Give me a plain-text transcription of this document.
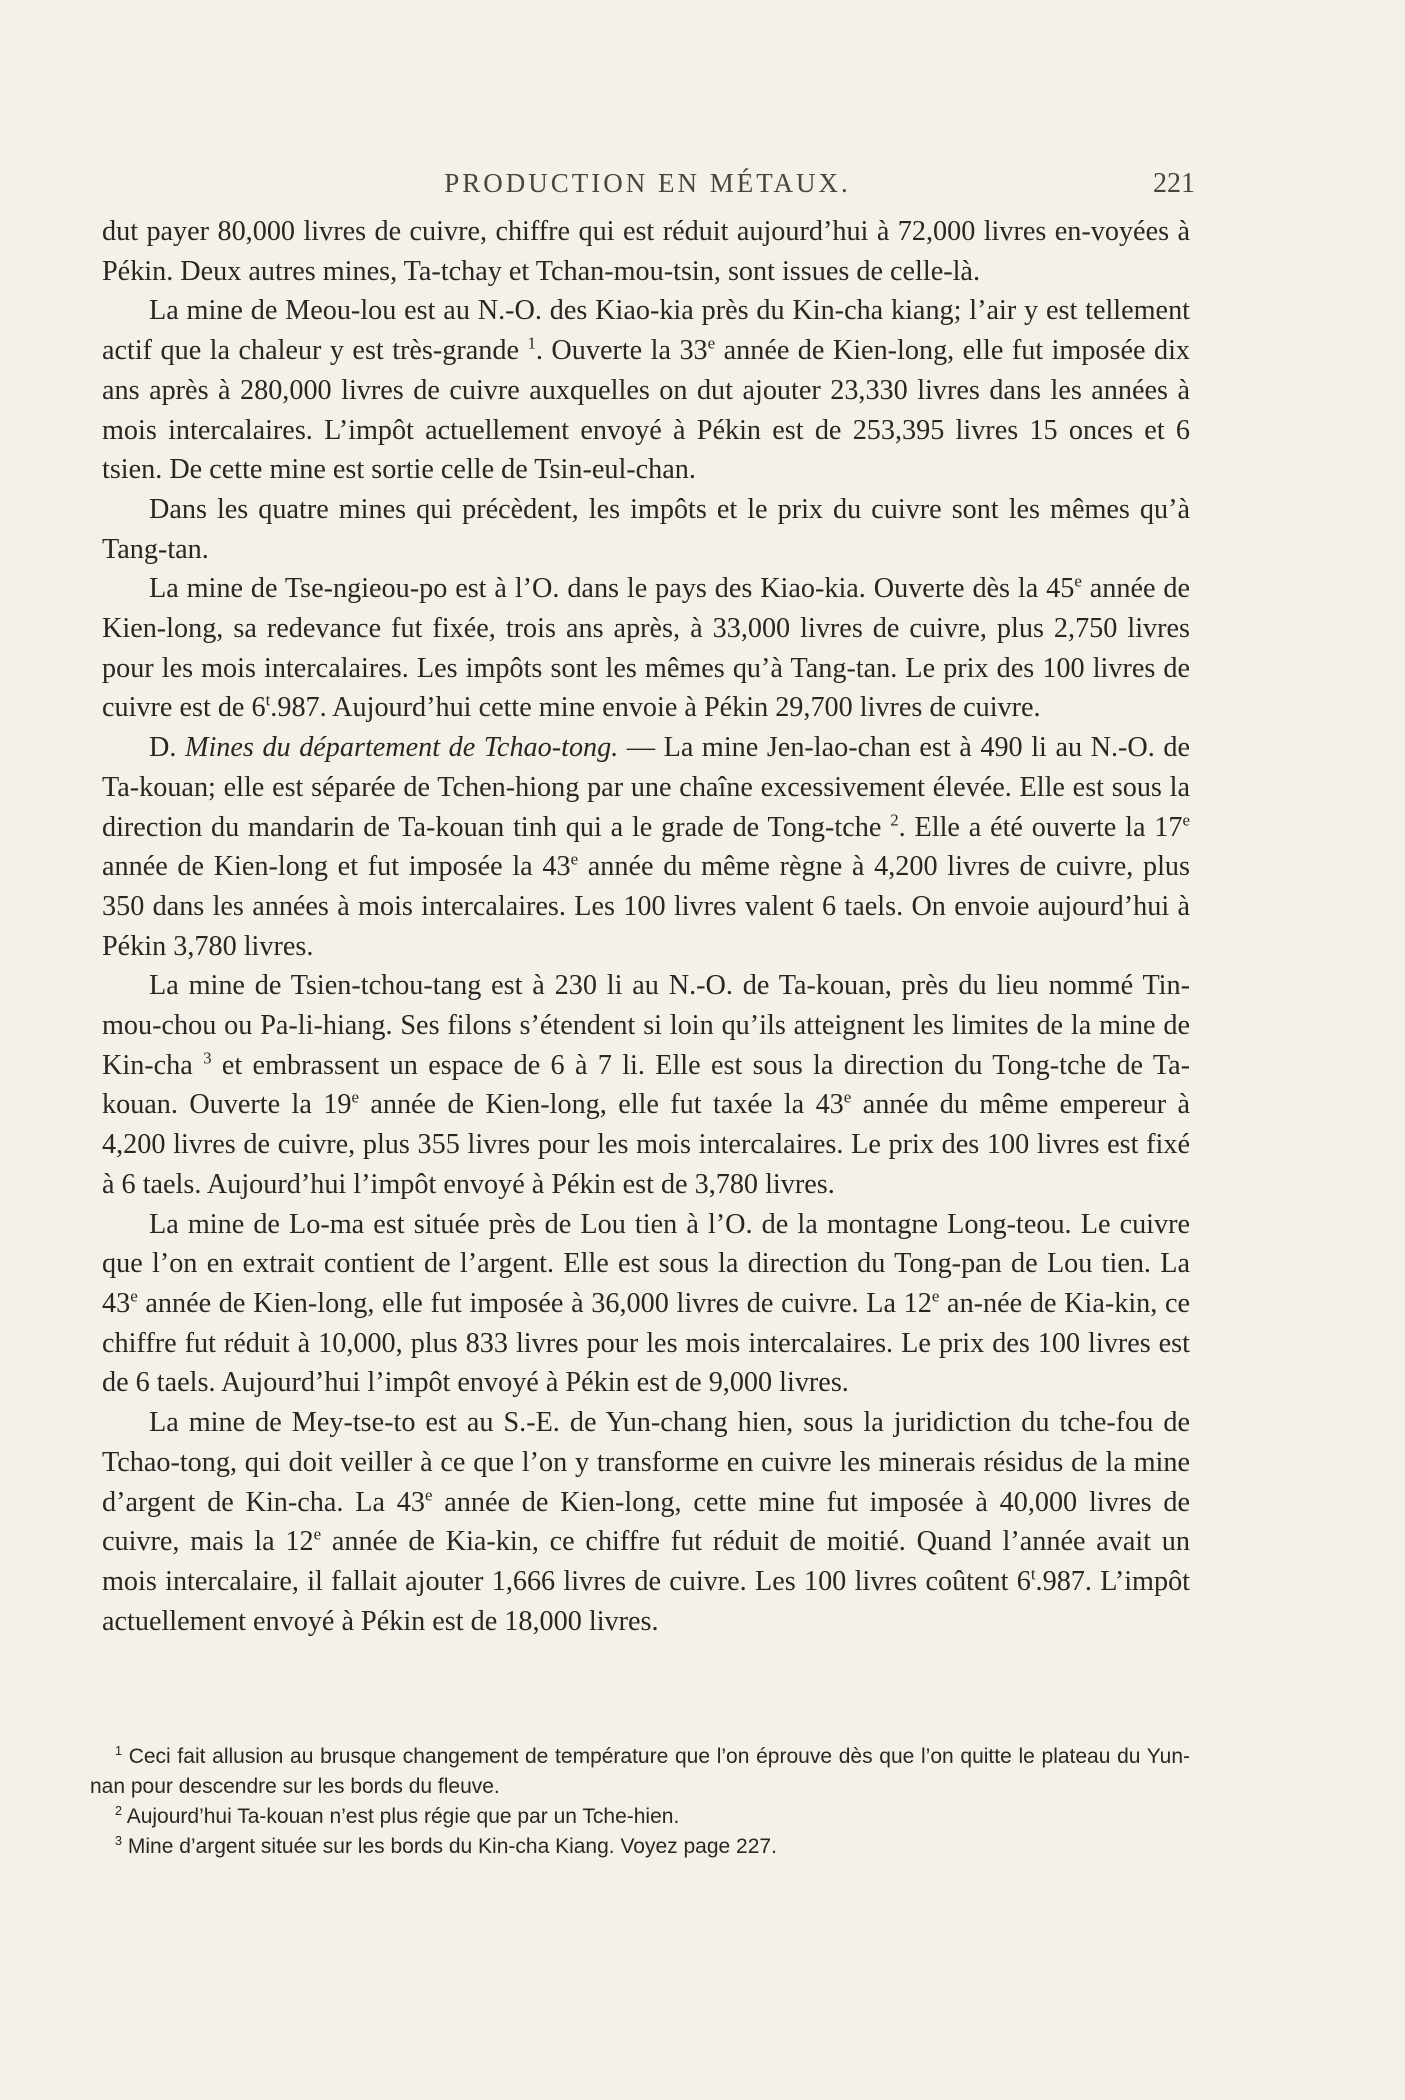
PRODUCTION EN MÉTAUX.	221

dut payer 80,000 livres de cuivre, chiffre qui est réduit aujourd’hui à 72,000 livres en-voyées à Pékin. Deux autres mines, Ta-tchay et Tchan-mou-tsin, sont issues de celle-là.

La mine de Meou-lou est au N.-O. des Kiao-kia près du Kin-cha kiang; l’air y est tellement actif que la chaleur y est très-grande $^1$. Ouverte la 33e année de Kien-long, elle fut imposée dix ans après à 280,000 livres de cuivre auxquelles on dut ajouter 23,330 livres dans les années à mois intercalaires. L’impôt actuellement envoyé à Pékin est de 253,395 livres 15 onces et 6 tsien. De cette mine est sortie celle de Tsin-eul-chan.

Dans les quatre mines qui précèdent, les impôts et le prix du cuivre sont les mêmes qu’à Tang-tan.

La mine de Tse-ngieou-po est à l’O. dans le pays des Kiao-kia. Ouverte dès la 45e année de Kien-long, sa redevance fut fixée, trois ans après, à 33,000 livres de cuivre, plus 2,750 livres pour les mois intercalaires. Les impôts sont les mêmes qu’à Tang-tan. Le prix des 100 livres de cuivre est de 6$^t$.987. Aujourd’hui cette mine envoie à Pékin 29,700 livres de cuivre.

D. Mines du département de Tchao-tong. — La mine Jen-lao-chan est à 490 li au N.-O. de Ta-kouan; elle est séparée de Tchen-hiong par une chaîne excessivement élevée. Elle est sous la direction du mandarin de Ta-kouan tinh qui a le grade de Tong-tche $^2$. Elle a été ouverte la 17e année de Kien-long et fut imposée la 43e année du même règne à 4,200 livres de cuivre, plus 350 dans les années à mois intercalaires. Les 100 livres valent 6 taels. On envoie aujourd’hui à Pékin 3,780 livres.

La mine de Tsien-tchou-tang est à 230 li au N.-O. de Ta-kouan, près du lieu nommé Tin-mou-chou ou Pa-li-hiang. Ses filons s’étendent si loin qu’ils atteignent les limites de la mine de Kin-cha $^3$ et embrassent un espace de 6 à 7 li. Elle est sous la direction du Tong-tche de Ta-kouan. Ouverte la 19e année de Kien-long, elle fut taxée la 43e année du même empereur à 4,200 livres de cuivre, plus 355 livres pour les mois intercalaires. Le prix des 100 livres est fixé à 6 taels. Aujourd’hui l’impôt envoyé à Pékin est de 3,780 livres.

La mine de Lo-ma est située près de Lou tien à l’O. de la montagne Long-teou. Le cuivre que l’on en extrait contient de l’argent. Elle est sous la direction du Tong-pan de Lou tien. La 43e année de Kien-long, elle fut imposée à 36,000 livres de cuivre. La 12e an-née de Kia-kin, ce chiffre fut réduit à 10,000, plus 833 livres pour les mois intercalaires. Le prix des 100 livres est de 6 taels. Aujourd’hui l’impôt envoyé à Pékin est de 9,000 livres.

La mine de Mey-tse-to est au S.-E. de Yun-chang hien, sous la juridiction du tche-fou de Tchao-tong, qui doit veiller à ce que l’on y transforme en cuivre les minerais résidus de la mine d’argent de Kin-cha. La 43e année de Kien-long, cette mine fut imposée à 40,000 livres de cuivre, mais la 12e année de Kia-kin, ce chiffre fut réduit de moitié. Quand l’année avait un mois intercalaire, il fallait ajouter 1,666 livres de cuivre. Les 100 livres coûtent 6$^t$.987. L’impôt actuellement envoyé à Pékin est de 18,000 livres.

$^1$ Ceci fait allusion au brusque changement de température que l’on éprouve dès que l’on quitte le plateau du Yun-nan pour descendre sur les bords du fleuve.

$^2$ Aujourd’hui Ta-kouan n’est plus régie que par un Tche-hien.

$^3$ Mine d’argent située sur les bords du Kin-cha Kiang. Voyez page 227.
